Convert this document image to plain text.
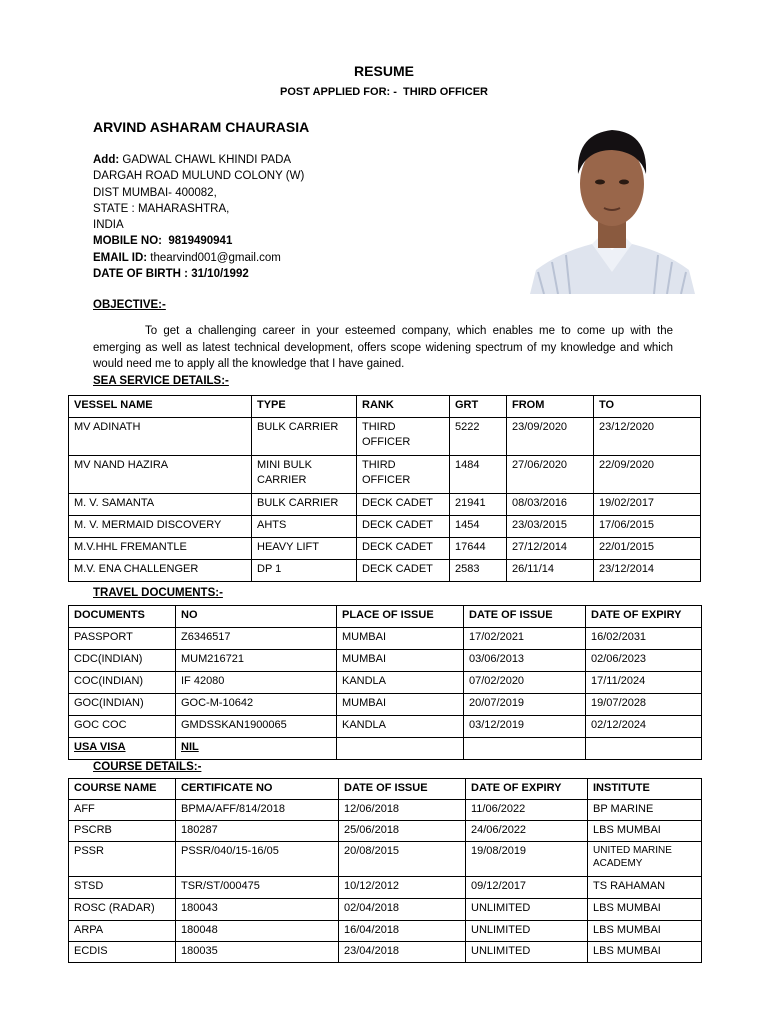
RESUME
POST APPLIED FOR: - THIRD OFFICER
ARVIND ASHARAM CHAURASIA
Add: GADWAL CHAWL KHINDI PADA
DARGAH ROAD MULUND COLONY (W)
DIST MUMBAI- 400082,
STATE : MAHARASHTRA,
INDIA
MOBILE NO: 9819490941
EMAIL ID: thearvind001@gmail.com
DATE OF BIRTH : 31/10/1992
OBJECTIVE:-
To get a challenging career in your esteemed company, which enables me to come up with the emerging as well as latest technical development, offers scope widening spectrum of my knowledge and which would need me to apply all the knowledge that I have gained.
SEA SERVICE DETAILS:-
VESSEL NAME	TYPE	RANK	GRT	FROM	TO
MV ADINATH	BULK CARRIER	THIRD OFFICER	5222	23/09/2020	23/12/2020
MV NAND HAZIRA	MINI BULK CARRIER	THIRD OFFICER	1484	27/06/2020	22/09/2020
M. V. SAMANTA	BULK CARRIER	DECK CADET	21941	08/03/2016	19/02/2017
M. V. MERMAID DISCOVERY	AHTS	DECK CADET	1454	23/03/2015	17/06/2015
M.V.HHL FREMANTLE	HEAVY LIFT	DECK CADET	17644	27/12/2014	22/01/2015
M.V. ENA CHALLENGER	DP 1	DECK CADET	2583	26/11/14	23/12/2014
TRAVEL DOCUMENTS:-
DOCUMENTS	NO	PLACE OF ISSUE	DATE OF ISSUE	DATE OF EXPIRY
PASSPORT	Z6346517	MUMBAI	17/02/2021	16/02/2031
CDC(INDIAN)	MUM216721	MUMBAI	03/06/2013	02/06/2023
COC(INDIAN)	IF 42080	KANDLA	07/02/2020	17/11/2024
GOC(INDIAN)	GOC-M-10642	MUMBAI	20/07/2019	19/07/2028
GOC COC	GMDSSKAN1900065	KANDLA	03/12/2019	02/12/2024
USA VISA	NIL			
COURSE DETAILS:-
COURSE NAME	CERTIFICATE NO	DATE OF ISSUE	DATE OF EXPIRY	INSTITUTE
AFF	BPMA/AFF/814/2018	12/06/2018	11/06/2022	BP MARINE
PSCRB	180287	25/06/2018	24/06/2022	LBS MUMBAI
PSSR	PSSR/040/15-16/05	20/08/2015	19/08/2019	UNITED MARINE ACADEMY
STSD	TSR/ST/000475	10/12/2012	09/12/2017	TS RAHAMAN
ROSC (RADAR)	180043	02/04/2018	UNLIMITED	LBS MUMBAI
ARPA	180048	16/04/2018	UNLIMITED	LBS MUMBAI
ECDIS	180035	23/04/2018	UNLIMITED	LBS MUMBAI
